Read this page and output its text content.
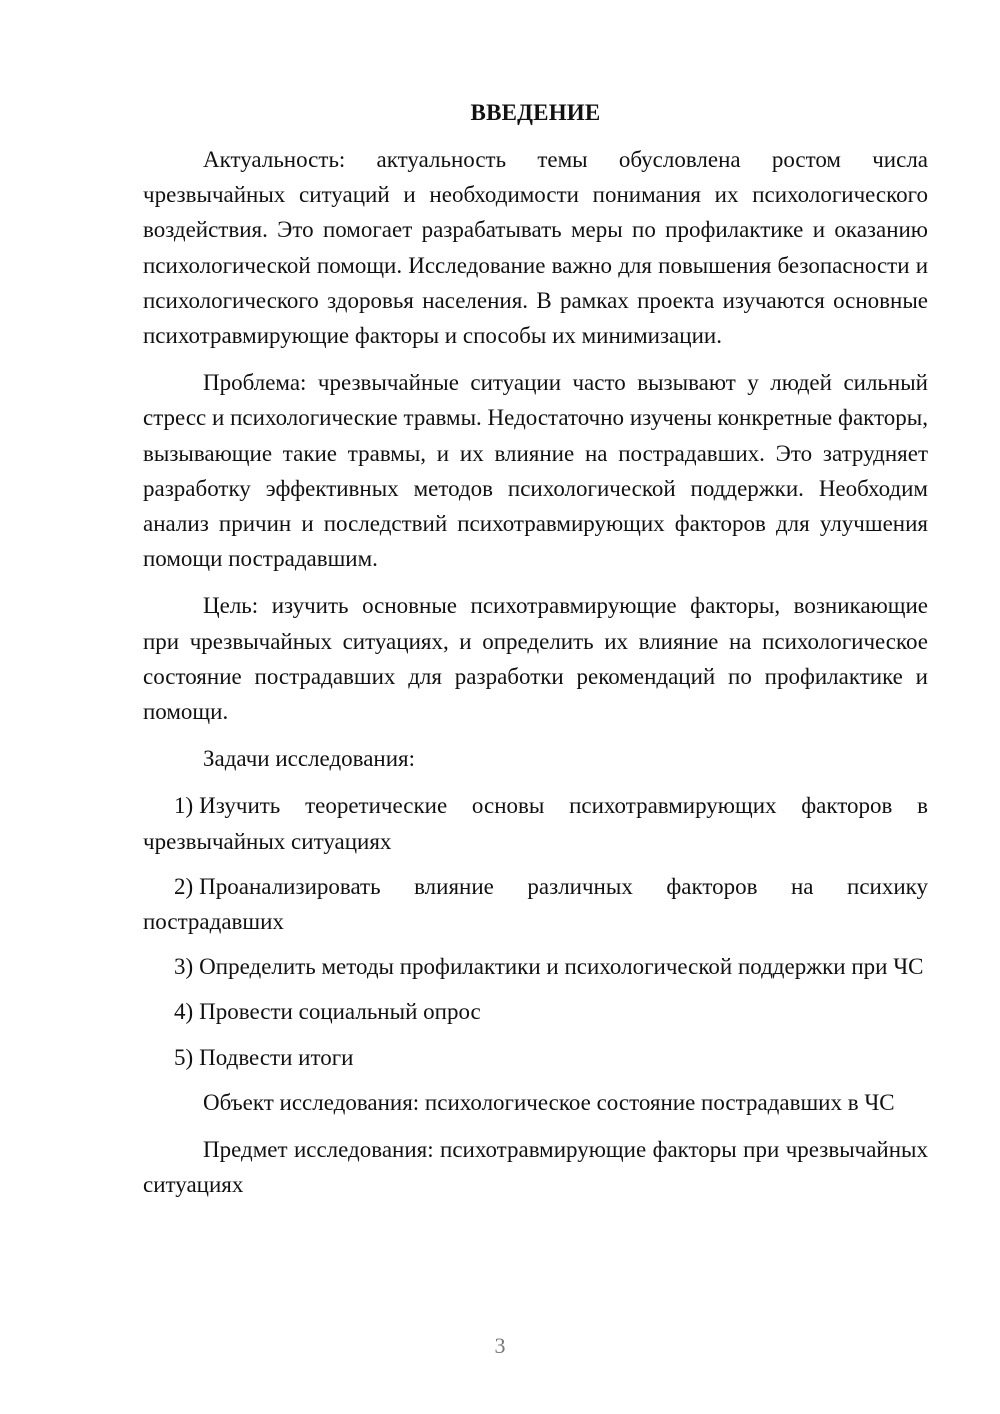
ВВЕДЕНИЕ

Актуальность: актуальность темы обусловлена ростом числа чрезвычайных ситуаций и необходимости понимания их психологического воздействия. Это помогает разрабатывать меры по профилактике и оказанию психологической помощи. Исследование важно для повышения безопасности и психологического здоровья населения. В рамках проекта изучаются основные психотравмирующие факторы и способы их минимизации.

Проблема: чрезвычайные ситуации часто вызывают у людей сильный стресс и психологические травмы. Недостаточно изучены конкретные факторы, вызывающие такие травмы, и их влияние на пострадавших. Это затрудняет разработку эффективных методов психологической поддержки. Необходим анализ причин и последствий психотравмирующих факторов для улучшения помощи пострадавшим.

Цель: изучить основные психотравмирующие факторы, возникающие при чрезвычайных ситуациях, и определить их влияние на психологическое состояние пострадавших для разработки рекомендаций по профилактике и помощи.

Задачи исследования:

1) Изучить теоретические основы психотравмирующих факторов в чрезвычайных ситуациях

2) Проанализировать влияние различных факторов на психику пострадавших

3) Определить методы профилактики и психологической поддержки при ЧС

4) Провести социальный опрос

5) Подвести итоги

Объект исследования: психологическое состояние пострадавших в ЧС

Предмет исследования: психотравмирующие факторы при чрезвычайных ситуациях

3
